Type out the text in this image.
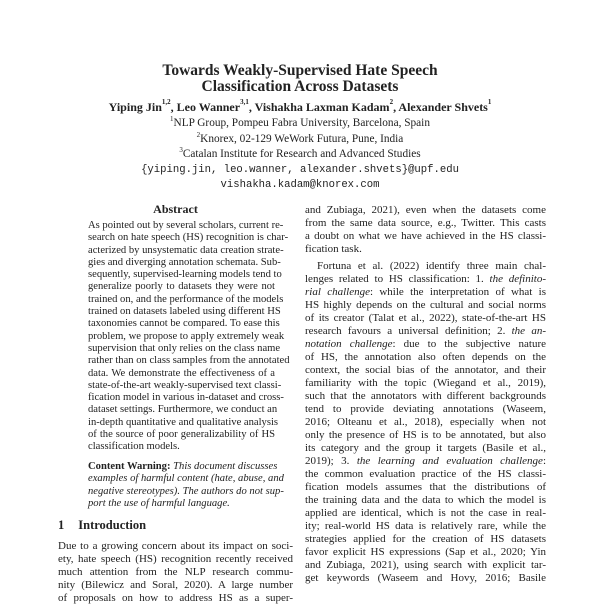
Towards Weakly-Supervised Hate Speech
Classification Across Datasets
Yiping Jin$^{1,2}$, Leo Wanner$^{3,1}$, Vishakha Laxman Kadam$^2$, Alexander Shvets$^1$
$^1$NLP Group, Pompeu Fabra University, Barcelona, Spain
$^2$Knorex, 02-129 WeWork Futura, Pune, India
$^3$Catalan Institute for Research and Advanced Studies
{yiping.jin, leo.wanner, alexander.shvets}@upf.edu
vishakha.kadam@knorex.com
Abstract
As pointed out by several scholars, current re-
search on hate speech (HS) recognition is char-
acterized by unsystematic data creation strate-
gies and diverging annotation schemata. Sub-
sequently, supervised-learning models tend to
generalize poorly to datasets they were not
trained on, and the performance of the models
trained on datasets labeled using different HS
taxonomies cannot be compared. To ease this
problem, we propose to apply extremely weak
supervision that only relies on the class name
rather than on class samples from the annotated
data. We demonstrate the effectiveness of a
state-of-the-art weakly-supervised text classi-
fication model in various in-dataset and cross-
dataset settings. Furthermore, we conduct an
in-depth quantitative and qualitative analysis
of the source of poor generalizability of HS
classification models.
Content Warning: This document discusses
examples of harmful content (hate, abuse, and
negative stereotypes). The authors do not sup-
port the use of harmful language.
1 Introduction
Due to a growing concern about its impact on soci-
ety, hate speech (HS) recognition recently received
much attention from the NLP research commu-
nity (Bilewicz and Soral, 2020). A large number
of proposals on how to address HS as a super-
and Zubiaga, 2021), even when the datasets come
from the same data source, e.g., Twitter. This casts
a doubt on what we have achieved in the HS classi-
fication task.
Fortuna et al. (2022) identify three main chal-
lenges related to HS classification: 1. the definito-
rial challenge: while the interpretation of what is
HS highly depends on the cultural and social norms
of its creator (Talat et al., 2022), state-of-the-art HS
research favours a universal definition; 2. the an-
notation challenge: due to the subjective nature
of HS, the annotation also often depends on the
context, the social bias of the annotator, and their
familiarity with the topic (Wiegand et al., 2019),
such that the annotators with different backgrounds
tend to provide deviating annotations (Waseem,
2016; Olteanu et al., 2018), especially when not
only the presence of HS is to be annotated, but also
its category and the group it targets (Basile et al.,
2019); 3. the learning and evaluation challenge:
the common evaluation practice of the HS classi-
fication models assumes that the distributions of
the training data and the data to which the model is
applied are identical, which is not the case in real-
ity; real-world HS data is relatively rare, while the
strategies applied for the creation of HS datasets
favor explicit HS expressions (Sap et al., 2020; Yin
and Zubiaga, 2021), using search with explicit tar-
get keywords (Waseem and Hovy, 2016; Basile
